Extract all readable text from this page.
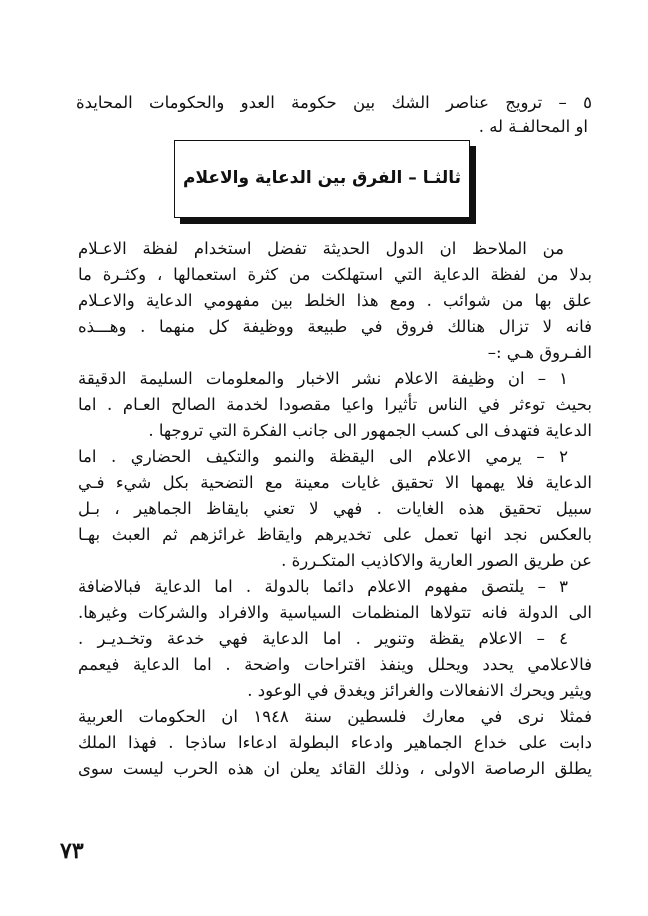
٥ – ترويج عناصر الشك بين حكومة العدو والحكومات المحايدة
او المحالفـة له .
ثالثـا – الفرق بين الدعاية والاعلام
من الملاحظ ان الدول الحديثة تفضل استخدام لفظة الاعـلام
بدلا من لفظة الدعاية التي استهلكت من كثرة استعمالها ، وكثـرة ما
علق بها من شوائب . ومع هذا الخلط بين مفهومي الدعاية والاعـلام
فانه لا تزال هنالك فروق في طبيعة ووظيفة كل منهما . وهـــذه
الفـروق هـي :–
١ – ان وظيفة الاعلام نشر الاخبار والمعلومات السليمة الدقيقة
بحيث توءثر في الناس تأثيرا واعيا مقصودا لخدمة الصالح العـام . اما
الدعاية فتهدف الى كسب الجمهور الى جانب الفكرة التي تروجها .
٢ – يرمي الاعلام الى اليقظة والنمو والتكيف الحضاري . اما
الدعاية فلا يهمها الا تحقيق غايات معينة مع التضحية بكل شيء فـي
سبيل تحقيق هذه الغايات . فهي لا تعني بايقاظ الجماهير ، بـل
بالعكس نجد انها تعمل على تخديرهم وايقاظ غرائزهم ثم العبث بهـا
عن طريق الصور العارية والاكاذيب المتكـررة .
٣ – يلتصق مفهوم الاعلام دائما بالدولة . اما الدعاية فبالاضافة
الى الدولة فانه تتولاها المنظمات السياسية والافراد والشركات وغيرها.
٤ – الاعلام يقظة وتنوير . اما الدعاية فهي خدعة وتخـديـر .
فالاعلامي يحدد ويحلل وينفذ اقتراحات واضحة . اما الدعاية فيعمم
ويثير ويحرك الانفعالات والغرائز ويغدق في الوعود .
فمثلا نرى في معارك فلسطين سنة ١٩٤٨ ان الحكومات العربية
دابت على خداع الجماهير وادعاء البطولة ادعاءا ساذجا . فهذا الملك
يطلق الرصاصة الاولى ، وذلك القائد يعلن ان هذه الحرب ليست سوى
٧٣
